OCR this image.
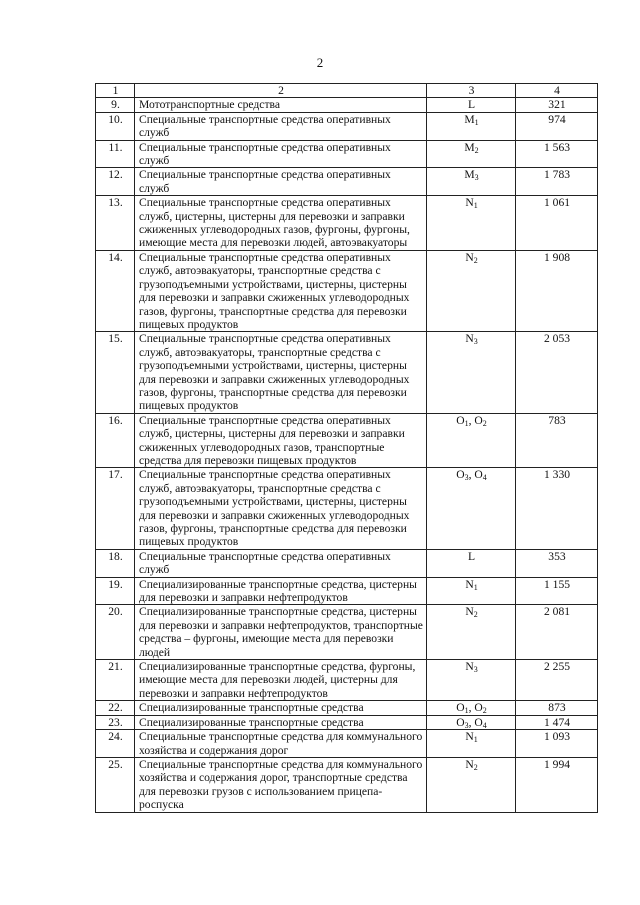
2
1	2	3	4
9.	Мототранспортные средства	L	321
10.	Специальные транспортные средства оперативных служб	$M_1$	974
11.	Специальные транспортные средства оперативных служб	$M_2$	1 563
12.	Специальные транспортные средства оперативных служб	$M_3$	1 783
13.	Специальные транспортные средства оперативных служб, цистерны, цистерны для перевозки и заправки сжиженных углеводородных газов, фургоны, фургоны, имеющие места для перевозки людей, автоэвакуаторы	$N_1$	1 061
14.	Специальные транспортные средства оперативных служб, автоэвакуаторы, транспортные средства с грузоподъемными устройствами, цистерны, цистерны для перевозки и заправки сжиженных углеводородных газов, фургоны, транспортные средства для перевозки пищевых продуктов	$N_2$	1 908
15.	Специальные транспортные средства оперативных служб, автоэвакуаторы, транспортные средства с грузоподъемными устройствами, цистерны, цистерны для перевозки и заправки сжиженных углеводородных газов, фургоны, транспортные средства для перевозки пищевых продуктов	$N_3$	2 053
16.	Специальные транспортные средства оперативных служб, цистерны, цистерны для перевозки и заправки сжиженных углеводородных газов, транспортные средства для перевозки пищевых продуктов	$O_1$, $O_2$	783
17.	Специальные транспортные средства оперативных служб, автоэвакуаторы, транспортные средства с грузоподъемными устройствами, цистерны, цистерны для перевозки и заправки сжиженных углеводородных газов, фургоны, транспортные средства для перевозки пищевых продуктов	$O_3$, $O_4$	1 330
18.	Специальные транспортные средства оперативных служб	L	353
19.	Специализированные транспортные средства, цистерны для перевозки и заправки нефтепродуктов	$N_1$	1 155
20.	Специализированные транспортные средства, цистерны для перевозки и заправки нефтепродуктов, транспортные средства – фургоны, имеющие места для перевозки людей	$N_2$	2 081
21.	Специализированные транспортные средства, фургоны, имеющие места для перевозки людей, цистерны для перевозки и заправки нефтепродуктов	$N_3$	2 255
22.	Специализированные транспортные средства	$O_1$, $O_2$	873
23.	Специализированные транспортные средства	$O_3$, $O_4$	1 474
24.	Специальные транспортные средства для коммунального хозяйства и содержания дорог	$N_1$	1 093
25.	Специальные транспортные средства для коммунального хозяйства и содержания дорог, транспортные средства для перевозки грузов с использованием прицепа-роспуска	$N_2$	1 994
